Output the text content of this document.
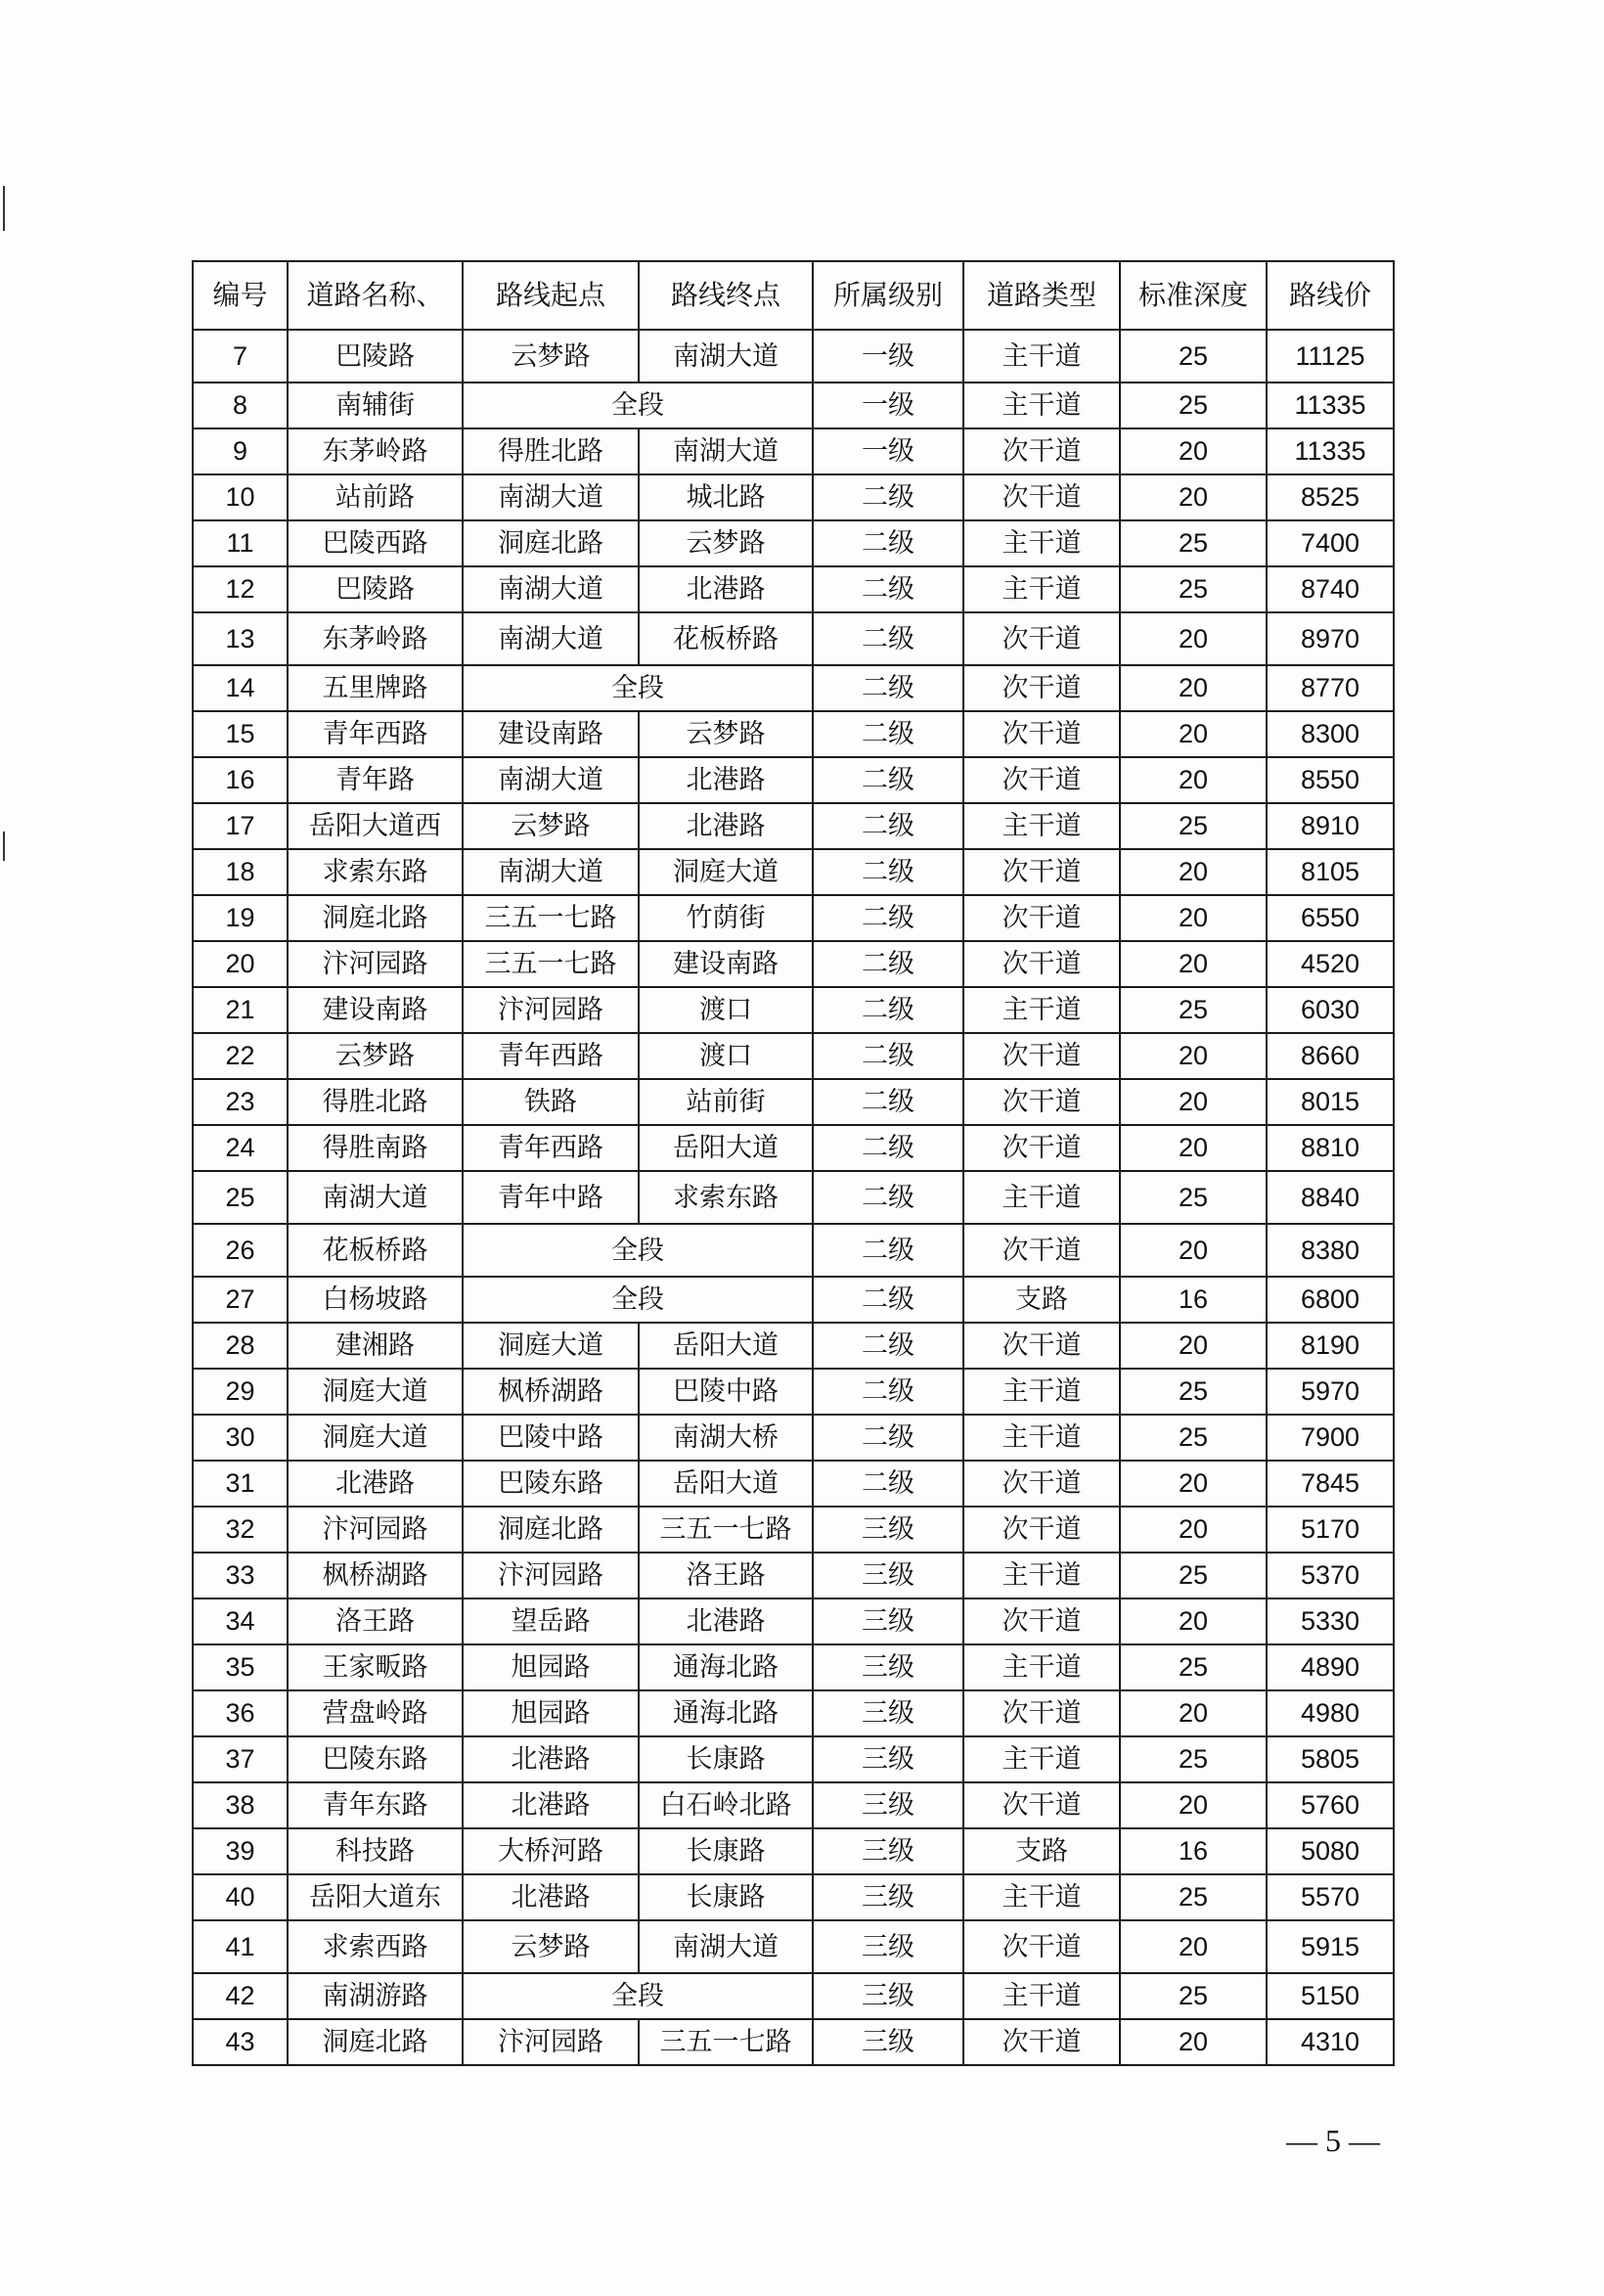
编号	道路名称、	路线起点	路线终点	所属级别	道路类型	标准深度	路线价
7	巴陵路	云梦路	南湖大道	一级	主干道	25	11125
8	南辅街	全段		一级	主干道	25	11335
9	东茅岭路	得胜北路	南湖大道	一级	次干道	20	11335
10	站前路	南湖大道	城北路	二级	次干道	20	8525
11	巴陵西路	洞庭北路	云梦路	二级	主干道	25	7400
12	巴陵路	南湖大道	北港路	二级	主干道	25	8740
13	东茅岭路	南湖大道	花板桥路	二级	次干道	20	8970
14	五里牌路	全段		二级	次干道	20	8770
15	青年西路	建设南路	云梦路	二级	次干道	20	8300
16	青年路	南湖大道	北港路	二级	次干道	20	8550
17	岳阳大道西	云梦路	北港路	二级	主干道	25	8910
18	求索东路	南湖大道	洞庭大道	二级	次干道	20	8105
19	洞庭北路	三五一七路	竹荫街	二级	次干道	20	6550
20	汴河园路	三五一七路	建设南路	二级	次干道	20	4520
21	建设南路	汴河园路	渡口	二级	主干道	25	6030
22	云梦路	青年西路	渡口	二级	次干道	20	8660
23	得胜北路	铁路	站前街	二级	次干道	20	8015
24	得胜南路	青年西路	岳阳大道	二级	次干道	20	8810
25	南湖大道	青年中路	求索东路	二级	主干道	25	8840
26	花板桥路	全段		二级	次干道	20	8380
27	白杨坡路	全段		二级	支路	16	6800
28	建湘路	洞庭大道	岳阳大道	二级	次干道	20	8190
29	洞庭大道	枫桥湖路	巴陵中路	二级	主干道	25	5970
30	洞庭大道	巴陵中路	南湖大桥	二级	主干道	25	7900
31	北港路	巴陵东路	岳阳大道	二级	次干道	20	7845
32	汴河园路	洞庭北路	三五一七路	三级	次干道	20	5170
33	枫桥湖路	汴河园路	洛王路	三级	主干道	25	5370
34	洛王路	望岳路	北港路	三级	次干道	20	5330
35	王家畈路	旭园路	通海北路	三级	主干道	25	4890
36	营盘岭路	旭园路	通海北路	三级	次干道	20	4980
37	巴陵东路	北港路	长康路	三级	主干道	25	5805
38	青年东路	北港路	白石岭北路	三级	次干道	20	5760
39	科技路	大桥河路	长康路	三级	支路	16	5080
40	岳阳大道东	北港路	长康路	三级	主干道	25	5570
41	求索西路	云梦路	南湖大道	三级	次干道	20	5915
42	南湖游路	全段		三级	主干道	25	5150
43	洞庭北路	汴河园路	三五一七路	三级	次干道	20	4310
— 5 —
